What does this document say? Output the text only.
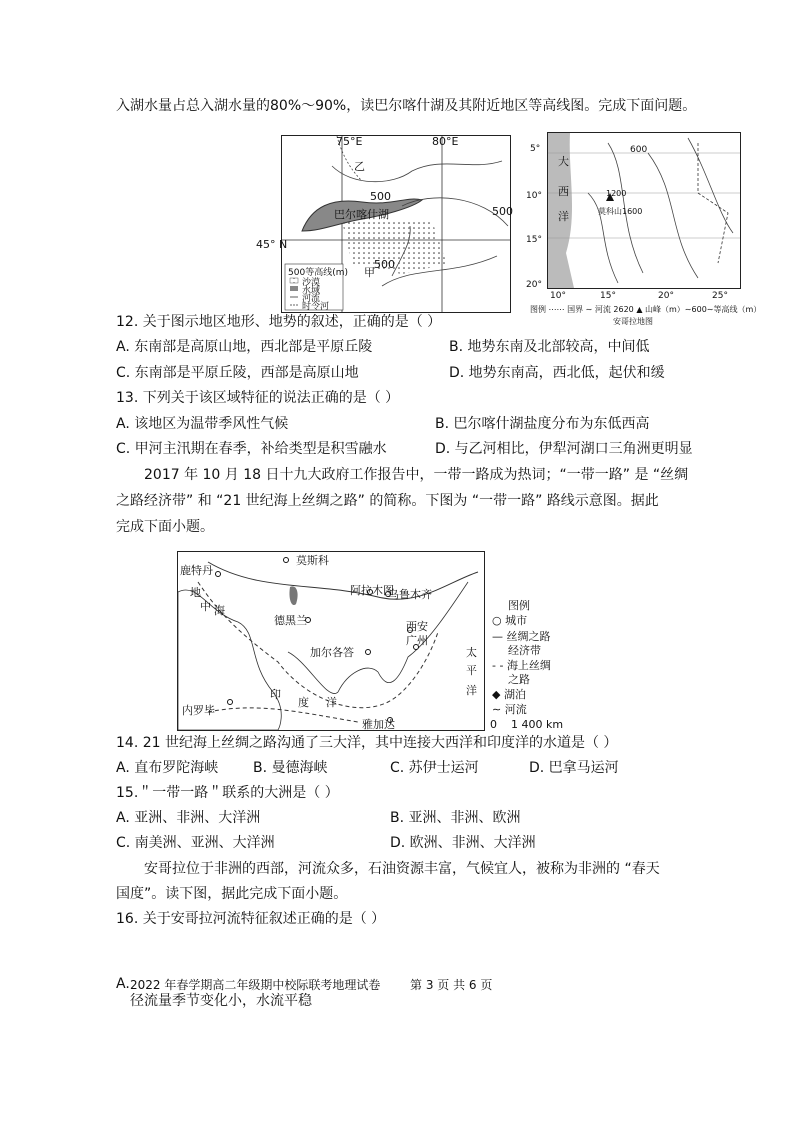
入湖水量占总入湖水量的80%～90%，读巴尔喀什湖及其附近地区等高线图。完成下面问题。
75°E	80°E
乙
500
巴尔喀什湖	500
500
甲
500等高线(m)
沙漠
水域
河流
时令河
45° N
大
西
洋
600
1200
1600
莫科山
5°
10°
15°
20°
10°	15°	20°	25°
图例 ⋯⋯ 国界 ∼ 河流 2620 ▲ 山峰（m）∼600∼等高线（m）
安哥拉地图
12. 关于图示地区地形、地势的叙述，正确的是（ ）
A. 东南部是高原山地，西北部是平原丘陵	B. 地势东南及北部较高，中间低
C. 东南部是平原丘陵，西部是高原山地	D. 地势东南高，西北低，起伏和缓
13. 下列关于该区域特征的说法正确的是（ ）
A. 该地区为温带季风性气候	B. 巴尔喀什湖盐度分布为东低西高
C. 甲河主汛期在春季，补给类型是积雪融水	D. 与乙河相比，伊犁河湖口三角洲更明显
2017 年 10 月 18 日十九大政府工作报告中，一带一路成为热词；“一带一路” 是 “丝绸
之路经济带” 和 “21 世纪海上丝绸之路” 的简称。下图为 “一带一路” 路线示意图。据此
完成下面小题。
莫斯科
鹿特丹
地
中 海
阿拉木图
乌鲁木齐
德黑兰	西安
广州
加尔各答	太
平
洋
印
度 洋
内罗毕
雅加达
图例
○ 城市
— 丝绸之路
经济带
- - 海上丝绸
之路
◆ 湖泊
∼ 河流
0 1 400 km
14. 21 世纪海上丝绸之路沟通了三大洋，其中连接大西洋和印度洋的水道是（ ）
A. 直布罗陀海峡 B. 曼德海峡	C. 苏伊士运河	D. 巴拿马运河
15.＂一带一路＂联系的大洲是（ ）
A. 亚洲、非洲、大洋洲	B. 亚洲、非洲、欧洲
C. 南美洲、亚洲、大洋洲	D. 欧洲、非洲、大洋洲
安哥拉位于非洲的西部，河流众多，石油资源丰富，气候宜人，被称为非洲的 “春天
国度”。读下图，据此完成下面小题。
16. 关于安哥拉河流特征叙述正确的是（ ）
A. 2022 年春学期高二年级期中校际联考地理试卷 第 3 页 共 6 页
径流量季节变化小，水流平稳
